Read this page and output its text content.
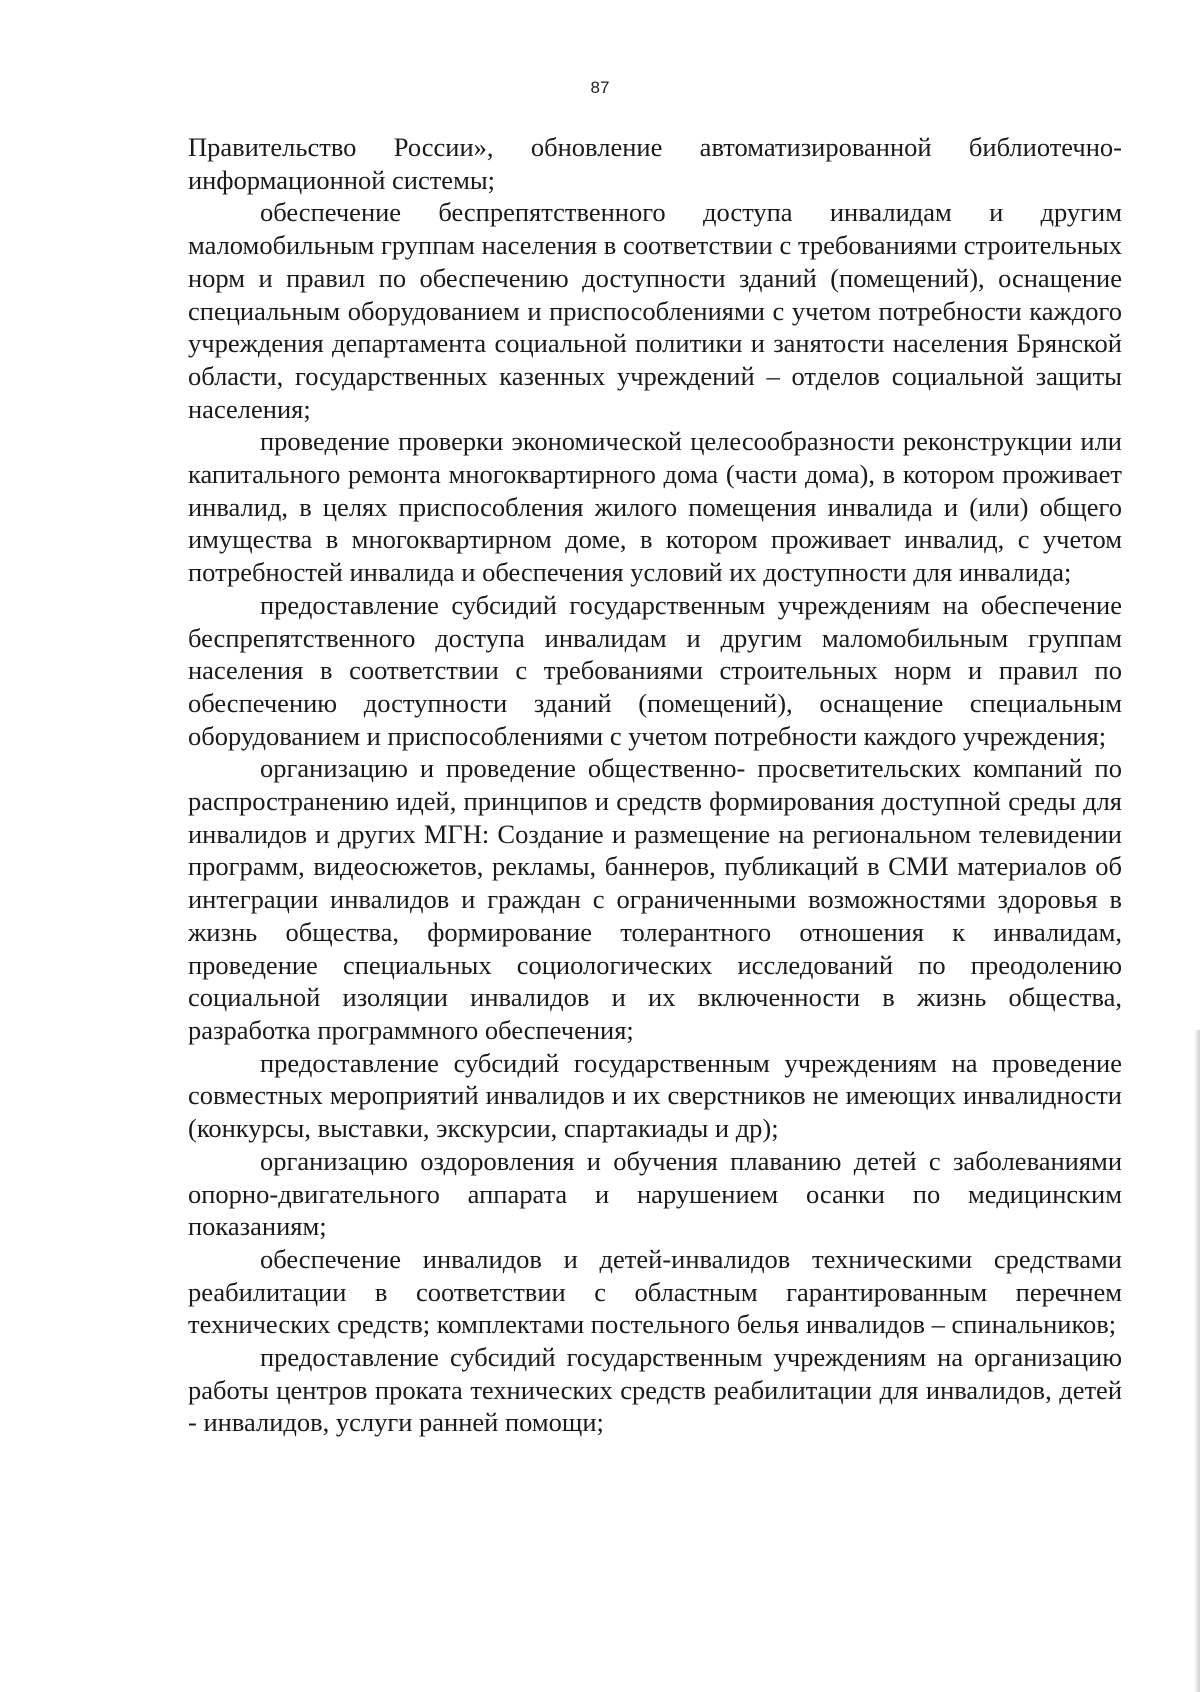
87

Правительство России», обновление автоматизированной библиотечно-информационной системы;

обеспечение беспрепятственного доступа инвалидам и другим маломобильным группам населения в соответствии с требованиями строительных норм и правил по обеспечению доступности зданий (помещений), оснащение специальным оборудованием и приспособлениями с учетом потребности каждого учреждения департамента социальной политики и занятости населения Брянской области, государственных казенных учреждений – отделов социальной защиты населения;

проведение проверки экономической целесообразности реконструкции или капитального ремонта многоквартирного дома (части дома), в котором проживает инвалид, в целях приспособления жилого помещения инвалида и (или) общего имущества в многоквартирном доме, в котором проживает инвалид, с учетом потребностей инвалида и обеспечения условий их доступности для инвалида;

предоставление субсидий государственным учреждениям на обеспечение беспрепятственного доступа инвалидам и другим маломобильным группам населения в соответствии с требованиями строительных норм и правил по обеспечению доступности зданий (помещений), оснащение специальным оборудованием и приспособлениями с учетом потребности каждого учреждения;

организацию и проведение общественно- просветительских компаний по распространению идей, принципов и средств формирования доступной среды для инвалидов и других МГН: Создание и размещение на региональном телевидении программ, видеосюжетов, рекламы, баннеров, публикаций в СМИ материалов об интеграции инвалидов и граждан с ограниченными возможностями здоровья в жизнь общества, формирование толерантного отношения к инвалидам, проведение специальных социологических исследований по преодолению социальной изоляции инвалидов и их включенности в жизнь общества, разработка программного обеспечения;

предоставление субсидий государственным учреждениям на проведение совместных мероприятий инвалидов и их сверстников не имеющих инвалидности (конкурсы, выставки, экскурсии, спартакиады и др);

организацию оздоровления и обучения плаванию детей с заболеваниями опорно-двигательного аппарата и нарушением осанки по медицинским показаниям;

обеспечение инвалидов и детей-инвалидов техническими средствами реабилитации в соответствии с областным гарантированным перечнем технических средств; комплектами постельного белья инвалидов – спинальников;

предоставление субсидий государственным учреждениям на организацию работы центров проката технических средств реабилитации для инвалидов, детей - инвалидов, услуги ранней помощи;
